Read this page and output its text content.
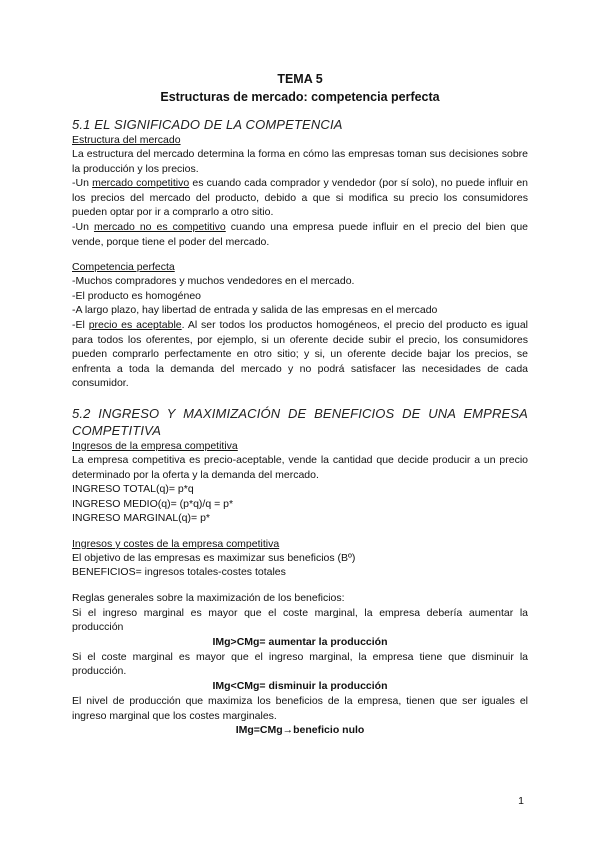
TEMA 5
Estructuras de mercado: competencia perfecta
5.1 EL SIGNIFICADO DE LA COMPETENCIA
Estructura del mercado

La estructura del mercado determina la forma en cómo las empresas toman sus decisiones sobre la producción y los precios.

-Un mercado competitivo es cuando cada comprador y vendedor (por sí solo), no puede influir en los precios del mercado del producto, debido a que si modifica su precio los consumidores pueden optar por ir a comprarlo a otro sitio.

-Un mercado no es competitivo cuando una empresa puede influir en el precio del bien que vende, porque tiene el poder del mercado.

Competencia perfecta

-Muchos compradores y muchos vendedores en el mercado.

-El producto es homogéneo

-A largo plazo, hay libertad de entrada y salida de las empresas en el mercado

-El precio es aceptable. Al ser todos los productos homogéneos, el precio del producto es igual para todos los oferentes, por ejemplo, si un oferente decide subir el precio, los consumidores pueden comprarlo perfectamente en otro sitio; y si, un oferente decide bajar los precios, se enfrenta a toda la demanda del mercado y no podrá satisfacer las necesidades de cada consumidor.

5.2 INGRESO Y MAXIMIZACIÓN DE BENEFICIOS DE UNA EMPRESA COMPETITIVA
Ingresos de la empresa competitiva

La empresa competitiva es precio-aceptable, vende la cantidad que decide producir a un precio determinado por la oferta y la demanda del mercado.

INGRESO TOTAL(q)= p*q

INGRESO MEDIO(q)= (p*q)/q = p*

INGRESO MARGINAL(q)= p*

Ingresos y costes de la empresa competitiva

El objetivo de las empresas es maximizar sus beneficios (Bº)

BENEFICIOS= ingresos totales-costes totales

Reglas generales sobre la maximización de los beneficios:

Si el ingreso marginal es mayor que el coste marginal, la empresa debería aumentar la producción

IMg>CMg= aumentar la producción

Si el coste marginal es mayor que el ingreso marginal, la empresa tiene que disminuir la producción.

IMg<CMg= disminuir la producción

El nivel de producción que maximiza los beneficios de la empresa, tienen que ser iguales el ingreso marginal que los costes marginales.

IMg=CMg→beneficio nulo
1
